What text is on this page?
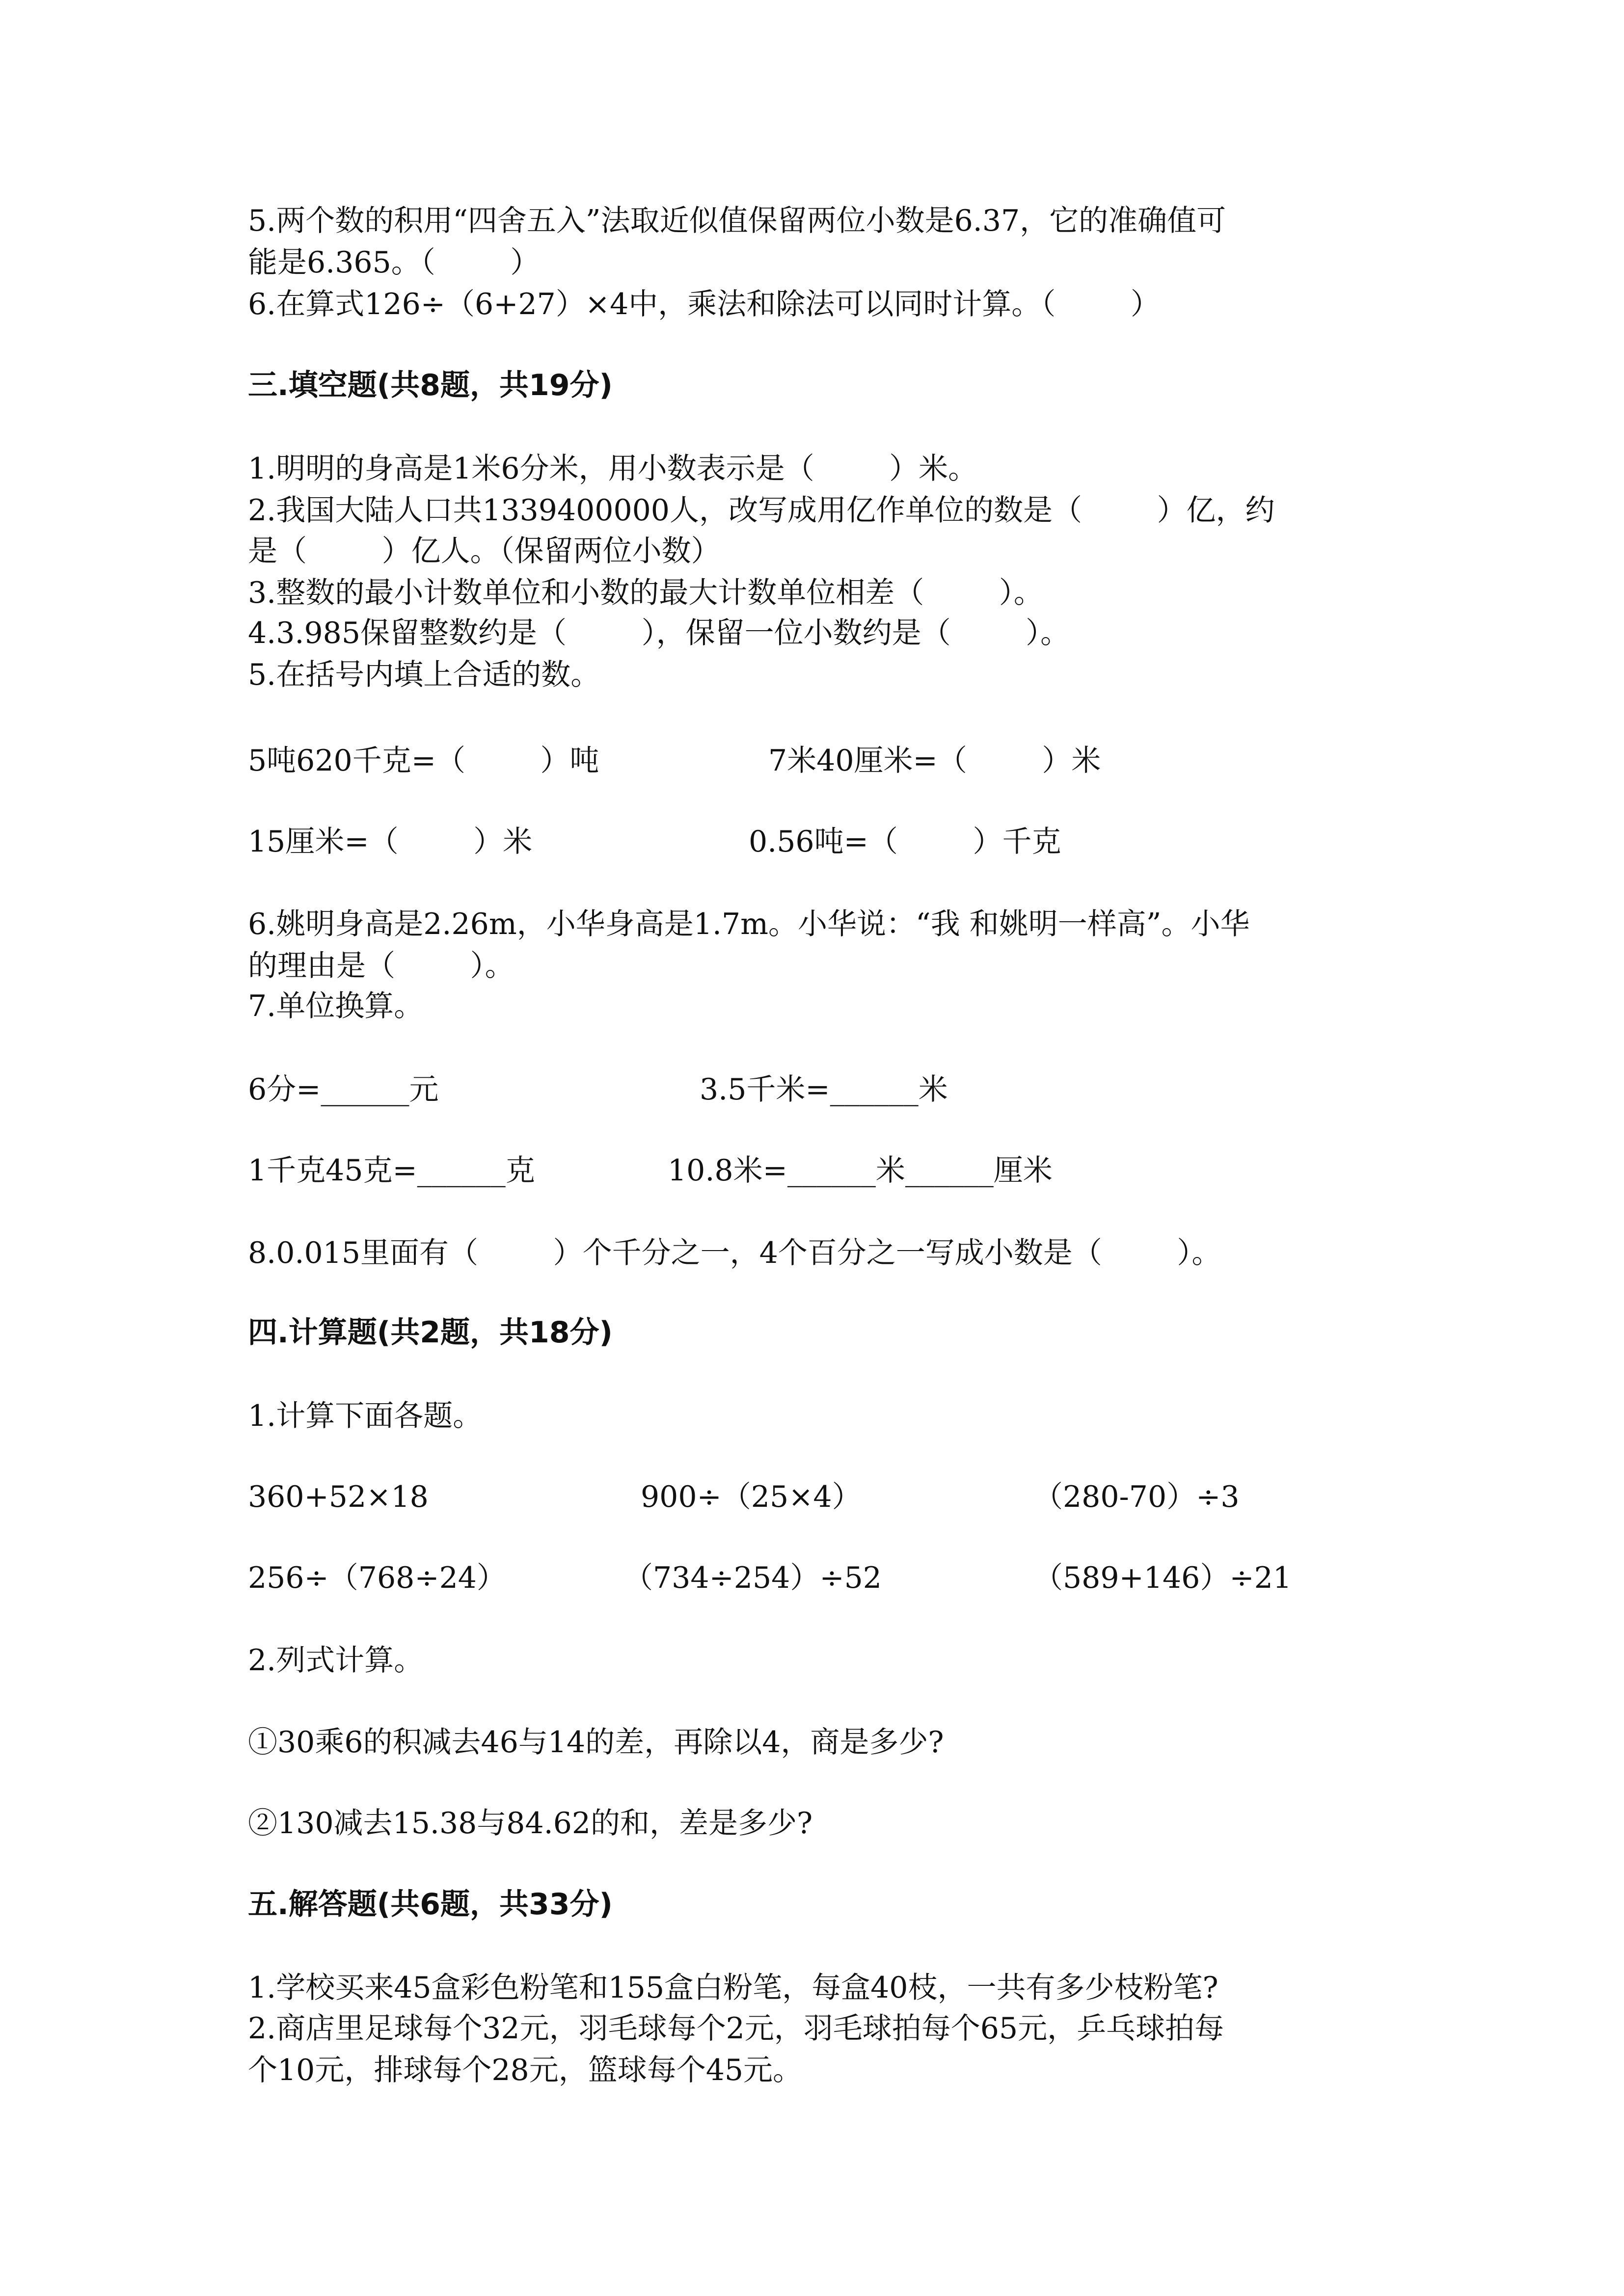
5.两个数的积用“四舍五入”法取近似值保留两位小数是6.37，它的准确值可
能是6.365。（        ）
6.在算式126÷（6+27）×4中，乘法和除法可以同时计算。（        ）
三.填空题(共8题，共19分)
1.明明的身高是1米6分米，用小数表示是（        ）米。
2.我国大陆人口共1339400000人，改写成用亿作单位的数是（        ）亿，约
是（        ）亿人。（保留两位小数）
3.整数的最小计数单位和小数的最大计数单位相差（        ）。
4.3.985保留整数约是（        ），保留一位小数约是（        ）。
5.在括号内填上合适的数。
5吨620千克=（        ）吨	7米40厘米=（        ）米
15厘米=（        ）米	0.56吨=（        ）千克
6.姚明身高是2.26m，小华身高是1.7m。小华说：“我 和姚明一样高”。小华
的理由是（        ）。
7.单位换算。
6分=______元	3.5千米=______米
1千克45克=______克	10.8米=______米______厘米
8.0.015里面有（        ）个千分之一，4个百分之一写成小数是（        ）。
四.计算题(共2题，共18分)
1.计算下面各题。
360+52×18	900÷（25×4）	（280-70）÷3
256÷（768÷24）	（734÷254）÷52	（589+146）÷21
2.列式计算。
①30乘6的积减去46与14的差，再除以4，商是多少?
②130减去15.38与84.62的和，差是多少?
五.解答题(共6题，共33分)
1.学校买来45盒彩色粉笔和155盒白粉笔，每盒40枝，一共有多少枝粉笔?
2.商店里足球每个32元，羽毛球每个2元，羽毛球拍每个65元，乒乓球拍每
个10元，排球每个28元，篮球每个45元。
